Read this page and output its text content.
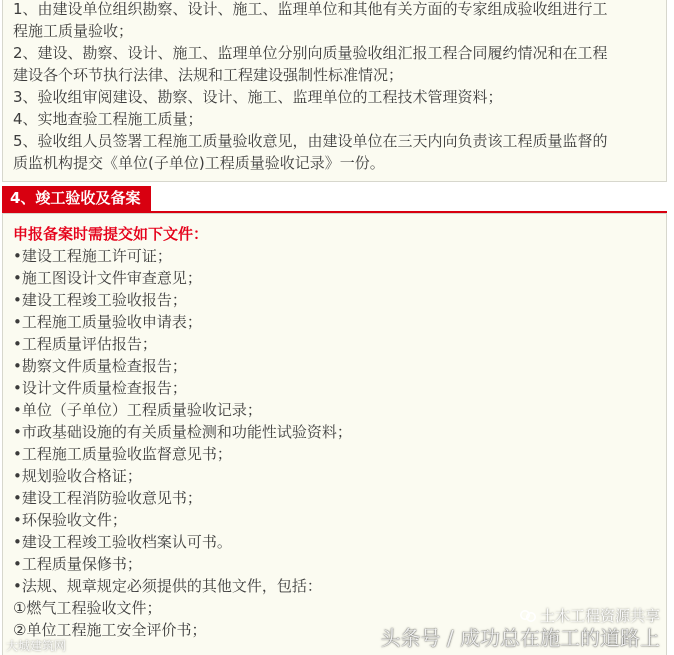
1、由建设单位组织勘察、设计、施工、监理单位和其他有关方面的专家组成验收组进行工
程施工质量验收；
2、建设、勘察、设计、施工、监理单位分别向质量验收组汇报工程合同履约情况和在工程
建设各个环节执行法律、法规和工程建设强制性标准情况；
3、验收组审阅建设、勘察、设计、施工、监理单位的工程技术管理资料；
4、实地查验工程施工质量；
5、验收组人员签署工程施工质量验收意见，由建设单位在三天内向负责该工程质量监督的
质监机构提交《单位(子单位)工程质量验收记录》一份。
4、竣工验收及备案
申报备案时需提交如下文件：
•建设工程施工许可证；
•施工图设计文件审查意见；
•建设工程竣工验收报告；
•工程施工质量验收申请表；
•工程质量评估报告；
•勘察文件质量检查报告；
•设计文件质量检查报告；
•单位（子单位）工程质量验收记录；
•市政基础设施的有关质量检测和功能性试验资料；
•工程施工质量验收监督意见书；
•规划验收合格证；
•建设工程消防验收意见书；
•环保验收文件；
•建设工程竣工验收档案认可书。
•工程质量保修书；
•法规、规章规定必须提供的其他文件，包括：
①燃气工程验收文件；
②单位工程施工安全评价书；
土木工程资源共享
头条号 / 成功总在施工的道路上
大城建筑网
